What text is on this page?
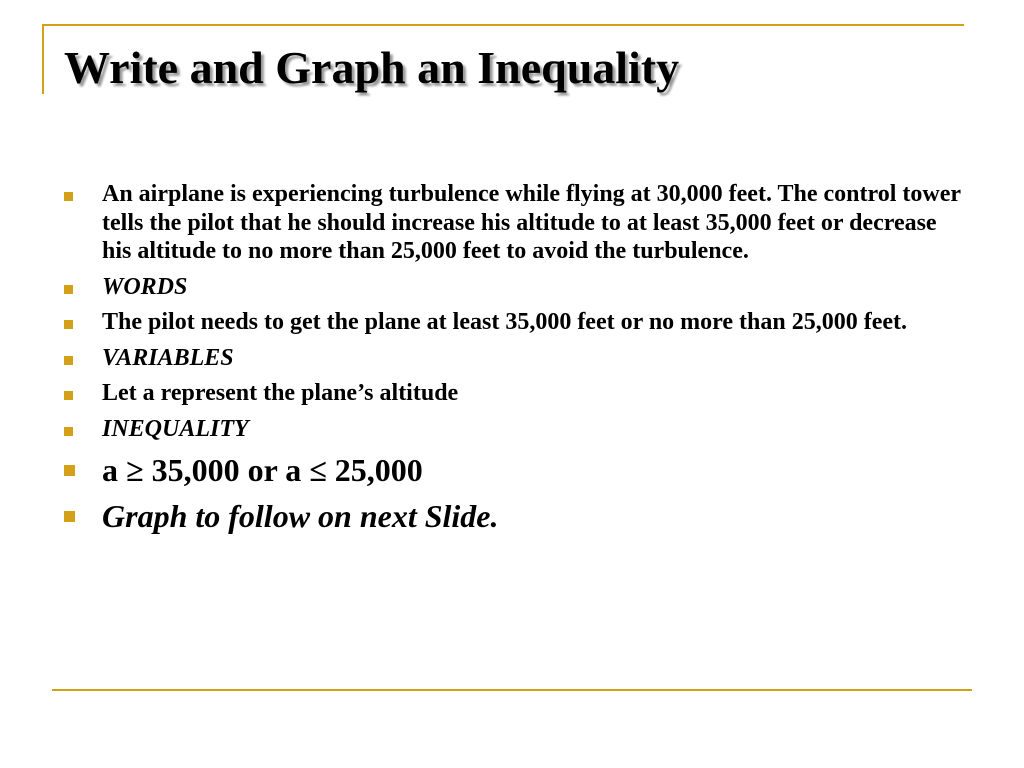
Write and Graph an Inequality
An airplane is experiencing turbulence while flying at 30,000 feet. The control tower tells the pilot that he should increase his altitude to at least 35,000 feet or decrease his altitude to no more than 25,000 feet to avoid the turbulence.
WORDS
The pilot needs to get the plane at least 35,000 feet or no more than 25,000 feet.
VARIABLES
Let a represent the plane’s altitude
INEQUALITY
a ≥ 35,000 or a ≤ 25,000
Graph to follow on next Slide.
